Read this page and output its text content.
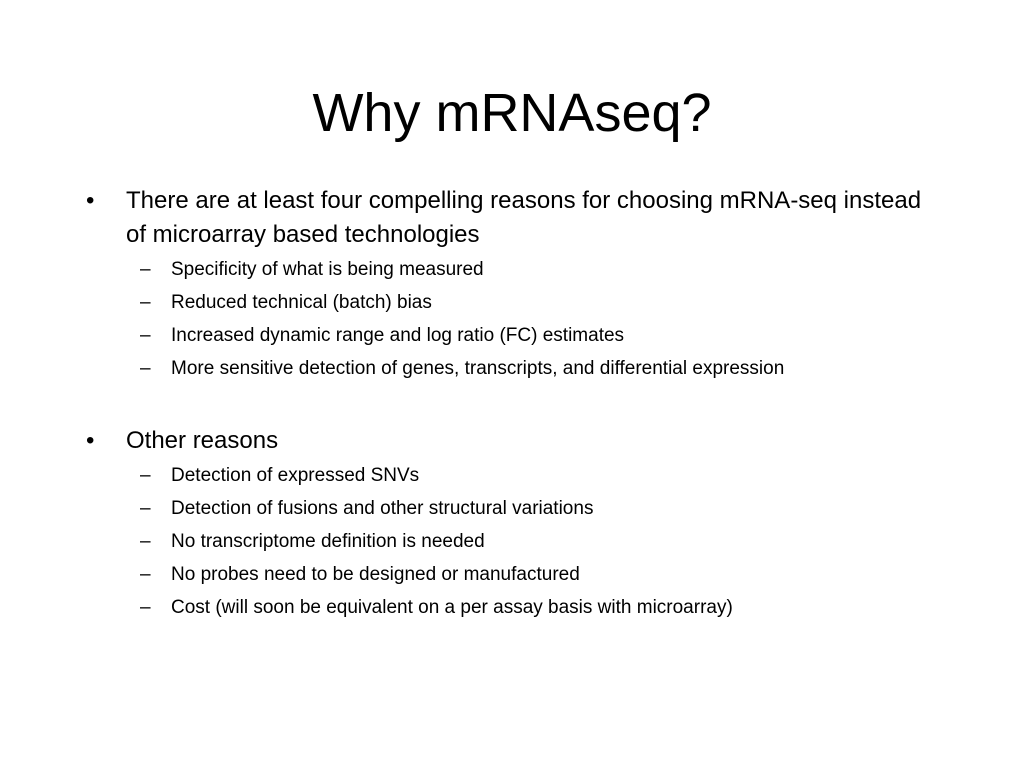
Why mRNAseq?
•	There are at least four compelling reasons for choosing mRNA-seq instead of microarray based technologies
– Specificity of what is being measured
– Reduced technical (batch) bias
– Increased dynamic range and log ratio (FC) estimates
– More sensitive detection of genes, transcripts, and differential expression
•	Other reasons
– Detection of expressed SNVs
– Detection of fusions and other structural variations
– No transcriptome definition is needed
– No probes need to be designed or manufactured
– Cost (will soon be equivalent on a per assay basis with microarray)
